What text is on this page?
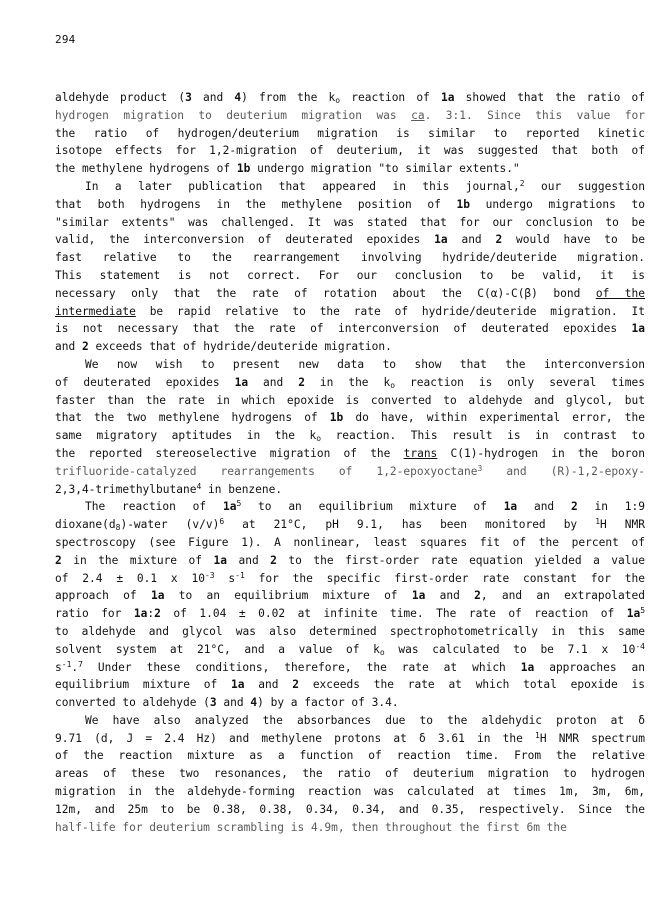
294
aldehyde product (3 and 4) from the $k_o$ reaction of 1a showed that the ratio of
hydrogen migration to deuterium migration was ca. 3:1. Since this value for
the ratio of hydrogen/deuterium migration is similar to reported kinetic
isotope effects for 1,2-migration of deuterium, it was suggested that both of
the methylene hydrogens of 1b undergo migration "to similar extents."
In a later publication that appeared in this journal,$^2$ our suggestion
that both hydrogens in the methylene position of 1b undergo migrations to
"similar extents" was challenged. It was stated that for our conclusion to be
valid, the interconversion of deuterated epoxides 1a and 2 would have to be
fast relative to the rearrangement involving hydride/deuteride migration.
This statement is not correct. For our conclusion to be valid, it is
necessary only that the rate of rotation about the C(α)-C(β) bond of the
intermediate be rapid relative to the rate of hydride/deuteride migration. It
is not necessary that the rate of interconversion of deuterated epoxides 1a
and 2 exceeds that of hydride/deuteride migration.
We now wish to present new data to show that the interconversion
of deuterated epoxides 1a and 2 in the $k_o$ reaction is only several times
faster than the rate in which epoxide is converted to aldehyde and glycol, but
that the two methylene hydrogens of 1b do have, within experimental error, the
same migratory aptitudes in the $k_o$ reaction. This result is in contrast to
the reported stereoselective migration of the trans C(1)-hydrogen in the boron
trifluoride-catalyzed rearrangements of 1,2-epoxyoctane$^3$ and (R)-1,2-epoxy-
2,3,4-trimethylbutane$^4$ in benzene.
The reaction of $1a^5$ to an equilibrium mixture of 1a and 2 in 1:9
$dioxane(d_8)$-water $(v/v)^6$ at 21°C, pH 9.1, has been monitored by $^1$H NMR
spectroscopy (see Figure 1). A nonlinear, least squares fit of the percent of
2 in the mixture of 1a and 2 to the first-order rate equation yielded a value
of 2.4 ± 0.1 x $10^{-3}$ $s^{-1}$ for the specific first-order rate constant for the
approach of 1a to an equilibrium mixture of 1a and 2, and an extrapolated
ratio for 1a:2 of 1.04 ± 0.02 at infinite time. The rate of reaction of $1a^5$
to aldehyde and glycol was also determined spectrophotometrically in this same
solvent system at 21°C, and a value of $k_o$ was calculated to be 7.1 x $10^{-4}$
$s^{-1}.^7$ Under these conditions, therefore, the rate at which 1a approaches an
equilibrium mixture of 1a and 2 exceeds the rate at which total epoxide is
converted to aldehyde (3 and 4) by a factor of 3.4.
We have also analyzed the absorbances due to the aldehydic proton at δ
9.71 (d, J = 2.4 Hz) and methylene protons at δ 3.61 in the $^1$H NMR spectrum
of the reaction mixture as a function of reaction time. From the relative
areas of these two resonances, the ratio of deuterium migration to hydrogen
migration in the aldehyde-forming reaction was calculated at times 1m, 3m, 6m,
12m, and 25m to be 0.38, 0.38, 0.34, 0.34, and 0.35, respectively. Since the
half-life for deuterium scrambling is 4.9m, then throughout the first 6m the
